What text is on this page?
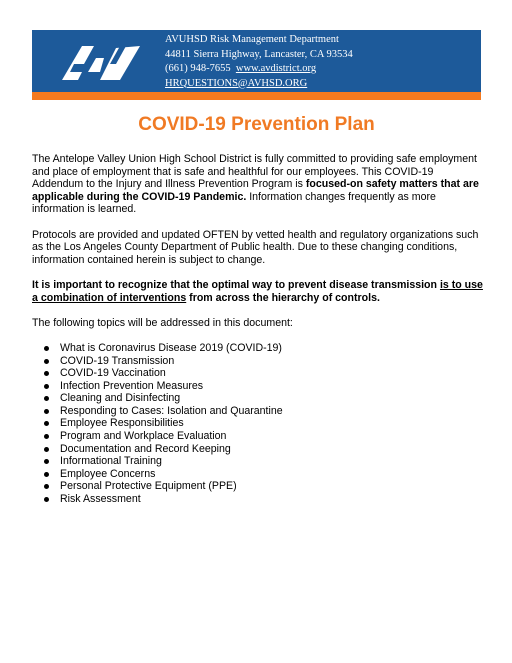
AVUHSD Risk Management Department
44811 Sierra Highway, Lancaster, CA 93534
(661) 948-7655 www.avdistrict.org
HRQUESTIONS@AVHSD.ORG
COVID-19 Prevention Plan

The Antelope Valley Union High School District is fully committed to providing safe employment and place of employment that is safe and healthful for our employees. This COVID-19 Addendum to the Injury and Illness Prevention Program is focused-on safety matters that are applicable during the COVID-19 Pandemic. Information changes frequently as more information is learned.

Protocols are provided and updated OFTEN by vetted health and regulatory organizations such as the Los Angeles County Department of Public health. Due to these changing conditions, information contained herein is subject to change.

It is important to recognize that the optimal way to prevent disease transmission is to use a combination of interventions from across the hierarchy of controls.

The following topics will be addressed in this document:

What is Coronavirus Disease 2019 (COVID-19)
COVID-19 Transmission
COVID-19 Vaccination
Infection Prevention Measures
Cleaning and Disinfecting
Responding to Cases: Isolation and Quarantine
Employee Responsibilities
Program and Workplace Evaluation
Documentation and Record Keeping
Informational Training
Employee Concerns
Personal Protective Equipment (PPE)
Risk Assessment
